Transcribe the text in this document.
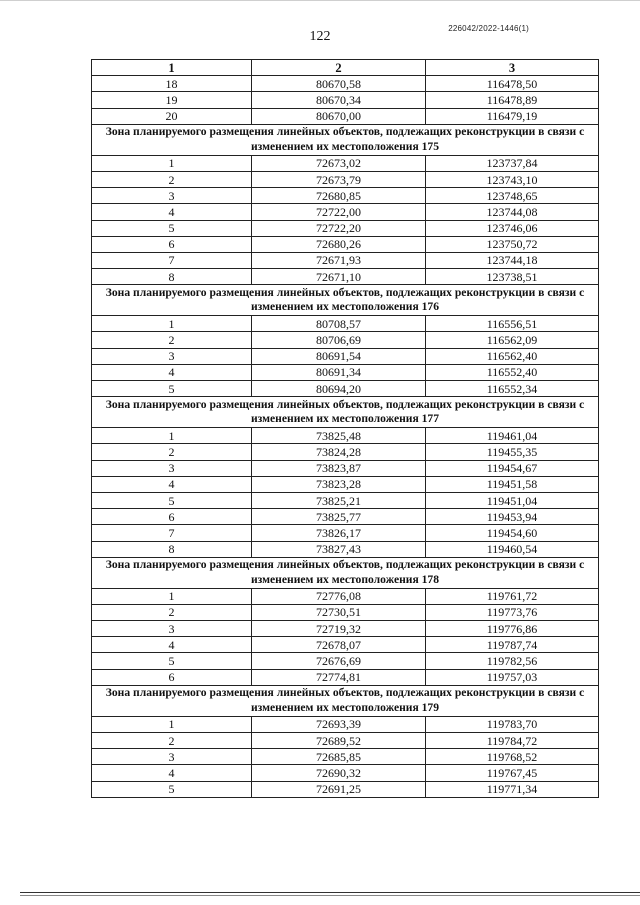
122
226042/2022-1446(1)
1	2	3
18	80670,58	116478,50
19	80670,34	116478,89
20	80670,00	116479,19
Зона планируемого размещения линейных объектов, подлежащих реконструкции в связи с изменением их местоположения 175		
1	72673,02	123737,84
2	72673,79	123743,10
3	72680,85	123748,65
4	72722,00	123744,08
5	72722,20	123746,06
6	72680,26	123750,72
7	72671,93	123744,18
8	72671,10	123738,51
Зона планируемого размещения линейных объектов, подлежащих реконструкции в связи с изменением их местоположения 176		
1	80708,57	116556,51
2	80706,69	116562,09
3	80691,54	116562,40
4	80691,34	116552,40
5	80694,20	116552,34
Зона планируемого размещения линейных объектов, подлежащих реконструкции в связи с изменением их местоположения 177		
1	73825,48	119461,04
2	73824,28	119455,35
3	73823,87	119454,67
4	73823,28	119451,58
5	73825,21	119451,04
6	73825,77	119453,94
7	73826,17	119454,60
8	73827,43	119460,54
Зона планируемого размещения линейных объектов, подлежащих реконструкции в связи с изменением их местоположения 178		
1	72776,08	119761,72
2	72730,51	119773,76
3	72719,32	119776,86
4	72678,07	119787,74
5	72676,69	119782,56
6	72774,81	119757,03
Зона планируемого размещения линейных объектов, подлежащих реконструкции в связи с изменением их местоположения 179		
1	72693,39	119783,70
2	72689,52	119784,72
3	72685,85	119768,52
4	72690,32	119767,45
5	72691,25	119771,34
